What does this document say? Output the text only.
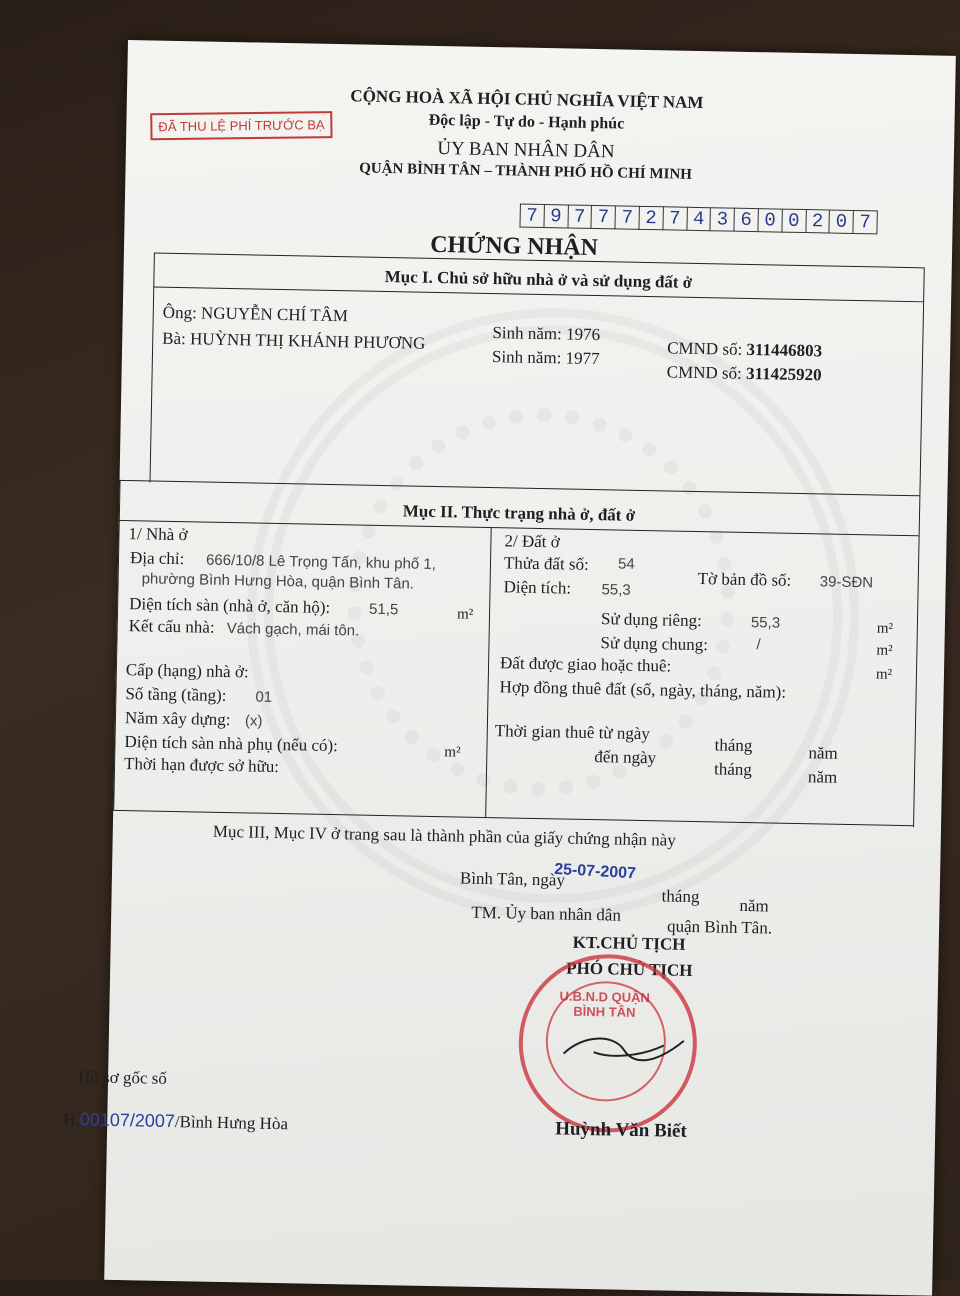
ĐÃ THU LỆ PHÍ TRƯỚC BẠ
CỘNG HOÀ XÃ HỘI CHỦ NGHĨA VIỆT NAM
Độc lập - Tự do - Hạnh phúc
ỦY BAN NHÂN DÂN
QUẬN BÌNH TÂN – THÀNH PHỐ HỒ CHÍ MINH
7 9 7 7 7 2 7 4 3 6 0 0 2 0 7
CHỨNG NHẬN
Mục I. Chủ sở hữu nhà ở và sử dụng đất ở
Ông: NGUYỄN CHÍ TÂM
Sinh năm: 1976
CMND số: 311446803
Bà: HUỲNH THỊ KHÁNH PHƯƠNG
Sinh năm: 1977
CMND số: 311425920
Mục II. Thực trạng nhà ở, đất ở
1/ Nhà ở
Địa chỉ: 666/10/8 Lê Trọng Tấn, khu phố 1,
phường Bình Hưng Hòa, quận Bình Tân.
Diện tích sàn (nhà ở, căn hộ):	51,5	m²
Kết cấu nhà: Vách gạch, mái tôn.
Cấp (hạng) nhà ở:
Số tầng (tầng): 01
Năm xây dựng: (x)
Diện tích sàn nhà phụ (nếu có):	m²
Thời hạn được sở hữu:
2/ Đất ở
Thửa đất số: 54
Tờ bản đồ số: 39-SĐN
Diện tích: 55,3
Sử dụng riêng:	55,3	m²
Sử dụng chung:	/	m²
Đất được giao hoặc thuê:	m²
Hợp đồng thuê đất (số, ngày, tháng, năm):
Thời gian thuê từ ngày
tháng	năm
đến ngày
tháng	năm
Mục III, Mục IV ở trang sau là thành phần của giấy chứng nhận này
Bình Tân, ngày
25-07-2007
tháng năm
TM. Ủy ban nhân dân
quận Bình Tân.
KT.CHỦ TỊCH
PHÓ CHỦ TỊCH
U.B.N.D QUẬN BÌNH TÂN
Huỳnh Văn Biết
Hồ sơ gốc số
H.00107/2007/Bình Hưng Hòa
